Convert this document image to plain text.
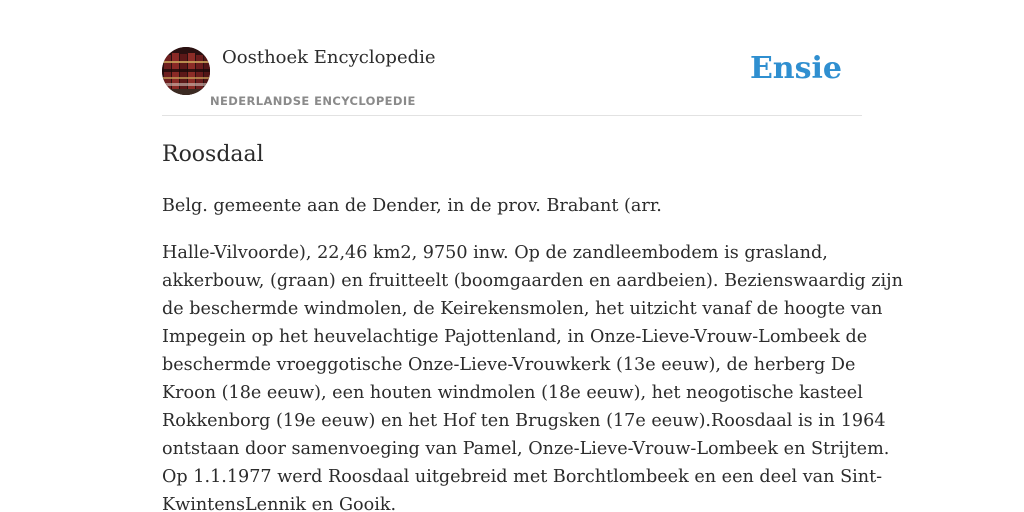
Oosthoek Encyclopedie
NEDERLANDSE ENCYCLOPEDIE
Ensie
Roosdaal

Belg. gemeente aan de Dender, in de prov. Brabant (arr.

Halle-Vilvoorde), 22,46 km2, 9750 inw. Op de zandleembodem is grasland,
akkerbouw, (graan) en fruitteelt (boomgaarden en aardbeien). Bezienswaardig zijn
de beschermde windmolen, de Keirekensmolen, het uitzicht vanaf de hoogte van
Impegein op het heuvelachtige Pajottenland, in Onze-Lieve-Vrouw-Lombeek de
beschermde vroeggotische Onze-Lieve-Vrouwkerk (13e eeuw), de herberg De
Kroon (18e eeuw), een houten windmolen (18e eeuw), het neogotische kasteel
Rokkenborg (19e eeuw) en het Hof ten Brugsken (17e eeuw).Roosdaal is in 1964
ontstaan door samenvoeging van Pamel, Onze-Lieve-Vrouw-Lombeek en Strijtem.
Op 1.1.1977 werd Roosdaal uitgebreid met Borchtlombeek en een deel van Sint-
KwintensLennik en Gooik.
